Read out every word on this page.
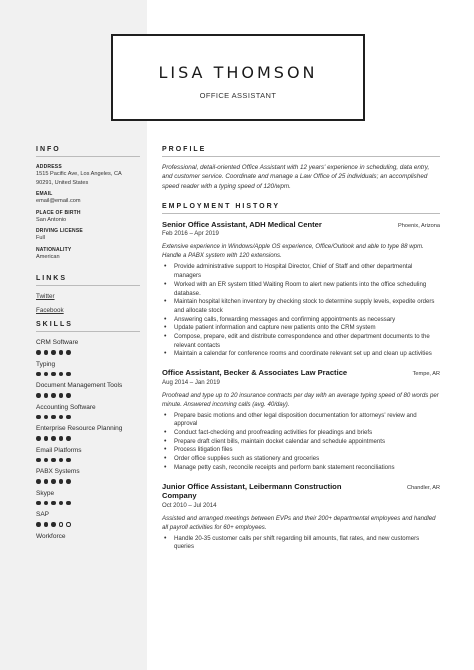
LISA THOMSON
OFFICE ASSISTANT
INFO
ADDRESS
1515 Pacific Ave, Los Angeles, CA 90291, United States
EMAIL
email@email.com
PLACE OF BIRTH
San Antonio
DRIVING LICENSE
Full
NATIONALITY
American
LINKS
Twitter
Facebook
SKILLS
CRM Software
Typing
Document Management Tools
Accounting Software
Enterprise Resource Planning
Email Platforms
PABX Systems
Skype
SAP
Workforce
PROFILE
Professional, detail-oriented Office Assistant with 12 years' experience in scheduling, data entry, and customer service. Coordinate and manage a Law Office of 25 individuals; an accomplished speed reader with a typing speed of 120/wpm.
EMPLOYMENT HISTORY
Senior Office Assistant, ADH Medical Center	Phoenix, Arizona
Feb 2016 – Apr 2019
Extensive experience in Windows/Apple OS experience, Office/Outlook and able to type 88 wpm. Handle a PABX system with 120 extensions.
• Provide administrative support to Hospital Director, Chief of Staff and other departmental managers
• Worked with an ER system titled Waiting Room to alert new patients into the office scheduling database.
• Maintain hospital kitchen inventory by checking stock to determine supply levels, expedite orders and allocate stock
• Answering calls, forwarding messages and confirming appointments as necessary
• Update patient information and capture new patients onto the CRM system
• Compose, prepare, edit and distribute correspondence and other department documents to the relevant contacts
• Maintain a calendar for conference rooms and coordinate relevant set up and clean up activities
Office Assistant, Becker & Associates Law Practice	Tempe, AR
Aug 2014 – Jan 2019
Proofread and type up to 20 insurance contracts per day with an average typing speed of 80 words per minute. Answered incoming calls (avg. 40/day).
• Prepare basic motions and other legal disposition documentation for attorneys' review and approval
• Conduct fact-checking and proofreading activities for pleadings and briefs
• Prepare draft client bills, maintain docket calendar and schedule appointments
• Process litigation files
• Order office supplies such as stationery and groceries
• Manage petty cash, reconcile receipts and perform bank statement reconciliations
Junior Office Assistant, Leibermann Construction Company
Chandler, AR
Oct 2010 – Jul 2014
Assisted and arranged meetings between EVPs and their 200+ departmental employees and handled all payroll activities for 60+ employees.
• Handle 20-35 customer calls per shift regarding bill amounts, flat rates, and new customers queries
